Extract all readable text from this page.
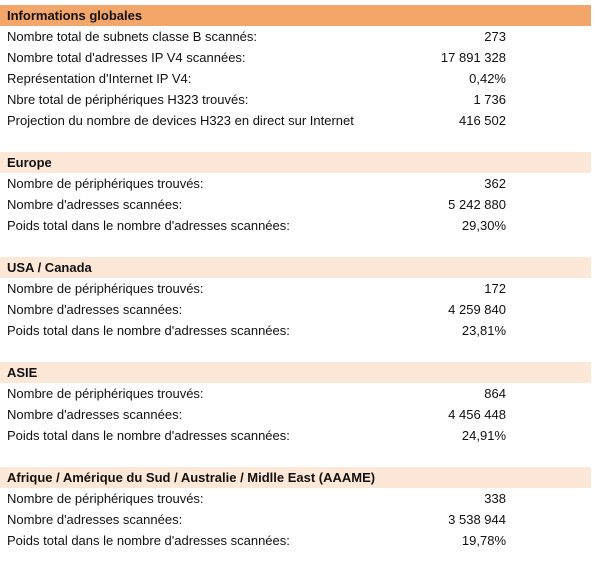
Informations globales
Nombre total de subnets classe B scannés:	273
Nombre total d'adresses IP V4 scannées:	17 891 328
Représentation d'Internet IP V4:	0,42%
Nbre total de périphériques H323 trouvés:	1 736
Projection du nombre de devices H323 en direct sur Internet	416 502
Europe
Nombre de périphériques trouvés:	362
Nombre d'adresses scannées:	5 242 880
Poids total dans le nombre d'adresses scannées:	29,30%
USA / Canada
Nombre de périphériques trouvés:	172
Nombre d'adresses scannées:	4 259 840
Poids total dans le nombre d'adresses scannées:	23,81%
ASIE
Nombre de périphériques trouvés:	864
Nombre d'adresses scannées:	4 456 448
Poids total dans le nombre d'adresses scannées:	24,91%
Afrique / Amérique du Sud / Australie / Midlle East (AAAME)
Nombre de périphériques trouvés:	338
Nombre d'adresses scannées:	3 538 944
Poids total dans le nombre d'adresses scannées:	19,78%
